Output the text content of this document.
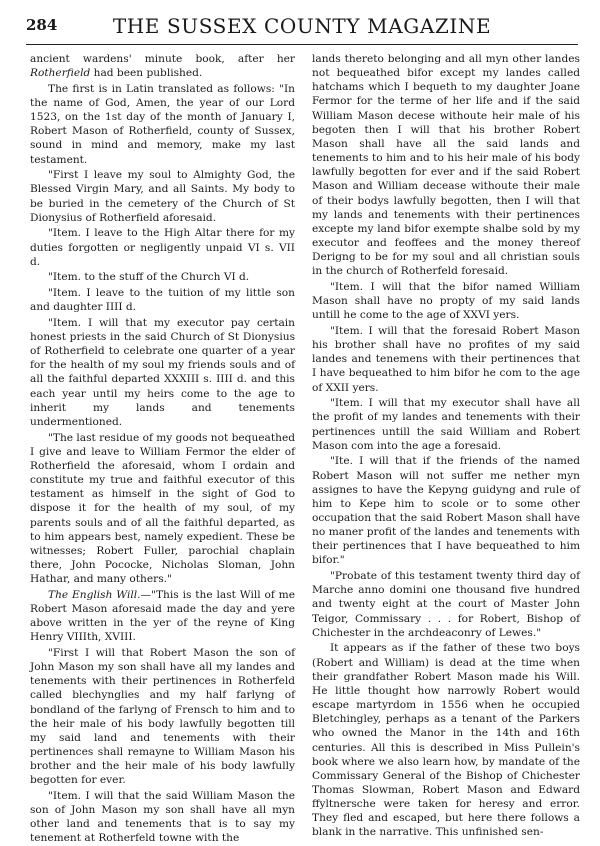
284	THE SUSSEX COUNTY MAGAZINE

ancient wardens' minute book, after her Rotherfield had been published.

The first is in Latin translated as follows: "In the name of God, Amen, the year of our Lord 1523, on the 1st day of the month of January I, Robert Mason of Rotherfield, county of Sussex, sound in mind and memory, make my last testament.

"First I leave my soul to Almighty God, the Blessed Virgin Mary, and all Saints. My body to be buried in the cemetery of the Church of St Dionysius of Rotherfield aforesaid.

"Item. I leave to the High Altar there for my duties forgotten or negligently unpaid VI s. VII d.

"Item. to the stuff of the Church VI d.

"Item. I leave to the tuition of my little son and daughter IIII d.

"Item. I will that my executor pay certain honest priests in the said Church of St Dionysius of Rotherfield to celebrate one quarter of a year for the health of my soul my friends souls and of all the faithful departed XXXIII s. IIII d. and this each year until my heirs come to the age to inherit my lands and tenements undermentioned.

"The last residue of my goods not bequeathed I give and leave to William Fermor the elder of Rotherfield the aforesaid, whom I ordain and constitute my true and faithful executor of this testament as himself in the sight of God to dispose it for the health of my soul, of my parents souls and of all the faithful departed, as to him appears best, namely expedient. These be witnesses; Robert Fuller, parochial chaplain there, John Pococke, Nicholas Sloman, John Hathar, and many others."

The English Will.—"This is the last Will of me Robert Mason aforesaid made the day and yere above written in the yer of the reyne of King Henry VIIIth, XVIII.

"First I will that Robert Mason the son of John Mason my son shall have all my landes and tenements with their pertinences in Rotherfeld called blechynglies and my half farlyng of bondland of the farlyng of Frensch to him and to the heir male of his body lawfully begotten till my said land and tenements with their pertinences shall remayne to William Mason his brother and the heir male of his body lawfully begotten for ever.

"Item. I will that the said William Mason the son of John Mason my son shall have all myn other land and tenements that is to say my tenement at Rotherfeld towne with the

lands thereto belonging and all myn other landes not bequeathed bifor except my landes called hatchams which I bequeth to my daughter Joane Fermor for the terme of her life and if the said William Mason decese withoute heir male of his begoten then I will that his brother Robert Mason shall have all the said lands and tenements to him and to his heir male of his body lawfully begotten for ever and if the said Robert Mason and William decease withoute their male of their bodys lawfully begotten, then I will that my lands and tenements with their pertinences excepte my land bifor exempte shalbe sold by my executor and feoffees and the money thereof Derigng to be for my soul and all christian souls in the church of Rotherfeld foresaid.

"Item. I will that the bifor named William Mason shall have no propty of my said lands untill he come to the age of XXVI yers.

"Item. I will that the foresaid Robert Mason his brother shall have no profites of my said landes and tenemens with their pertinences that I have bequeathed to him bifor he com to the age of XXII yers.

"Item. I will that my executor shall have all the profit of my landes and tenements with their pertinences untill the said William and Robert Mason com into the age a foresaid.

"Ite. I will that if the friends of the named Robert Mason will not suffer me nether myn assignes to have the Kepyng guidyng and rule of him to Kepe him to scole or to some other occupation that the said Robert Mason shall have no maner profit of the landes and tenements with their pertinences that I have bequeathed to him bifor."

"Probate of this testament twenty third day of Marche anno domini one thousand five hundred and twenty eight at the court of Master John Teigor, Commissary . . . for Robert, Bishop of Chichester in the archdeaconry of Lewes."

It appears as if the father of these two boys (Robert and William) is dead at the time when their grandfather Robert Mason made his Will. He little thought how narrowly Robert would escape martyrdom in 1556 when he occupied Bletchingley, perhaps as a tenant of the Parkers who owned the Manor in the 14th and 16th centuries. All this is described in Miss Pullein's book where we also learn how, by mandate of the Commissary General of the Bishop of Chichester Thomas Slowman, Robert Mason and Edward ffyltnersche were taken for heresy and error. They fled and escaped, but here there follows a blank in the narrative. This unfinished sen-
